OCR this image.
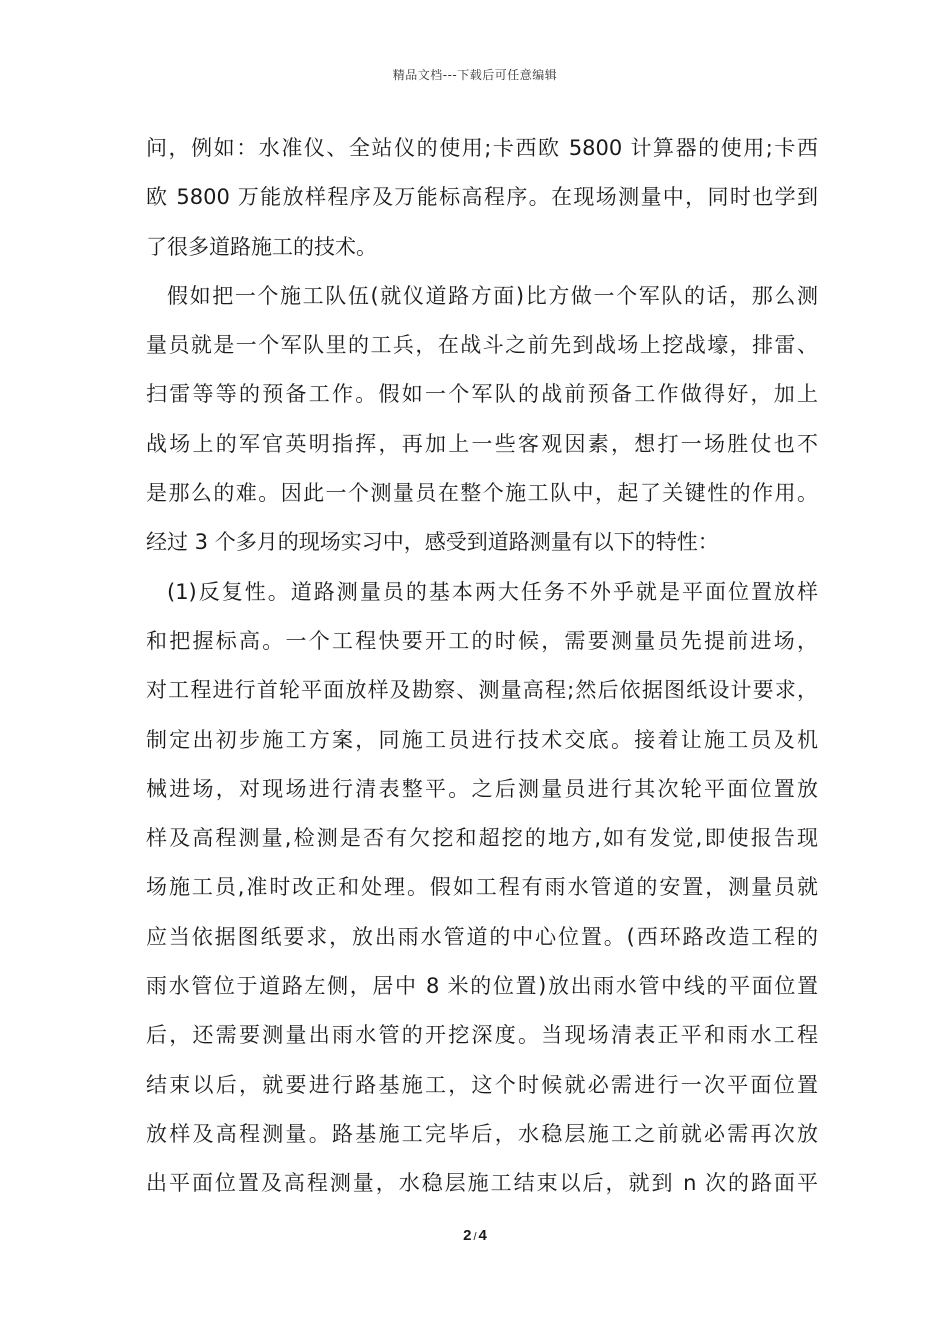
精品文档---下载后可任意编辑
问，例如：水准仪、全站仪的使用;卡西欧 5800 计算器的使用;卡西
欧 5800 万能放样程序及万能标高程序。在现场测量中，同时也学到
了很多道路施工的技术。
假如把一个施工队伍(就仪道路方面)比方做一个军队的话，那么测
量员就是一个军队里的工兵，在战斗之前先到战场上挖战壕，排雷、
扫雷等等的预备工作。假如一个军队的战前预备工作做得好，加上
战场上的军官英明指挥，再加上一些客观因素，想打一场胜仗也不
是那么的难。因此一个测量员在整个施工队中，起了关键性的作用。
经过 3 个多月的现场实习中，感受到道路测量有以下的特性：
(1)反复性。道路测量员的基本两大任务不外乎就是平面位置放样
和把握标高。一个工程快要开工的时候，需要测量员先提前进场，
对工程进行首轮平面放样及勘察、测量高程;然后依据图纸设计要求，
制定出初步施工方案，同施工员进行技术交底。接着让施工员及机
械进场，对现场进行清表整平。之后测量员进行其次轮平面位置放
样及高程测量,检测是否有欠挖和超挖的地方,如有发觉,即使报告现
场施工员,准时改正和处理。假如工程有雨水管道的安置，测量员就
应当依据图纸要求，放出雨水管道的中心位置。(西环路改造工程的
雨水管位于道路左侧，居中 8 米的位置)放出雨水管中线的平面位置
后，还需要测量出雨水管的开挖深度。当现场清表正平和雨水工程
结束以后，就要进行路基施工，这个时候就必需进行一次平面位置
放样及高程测量。路基施工完毕后，水稳层施工之前就必需再次放
出平面位置及高程测量，水稳层施工结束以后，就到 n 次的路面平
2 / 4
